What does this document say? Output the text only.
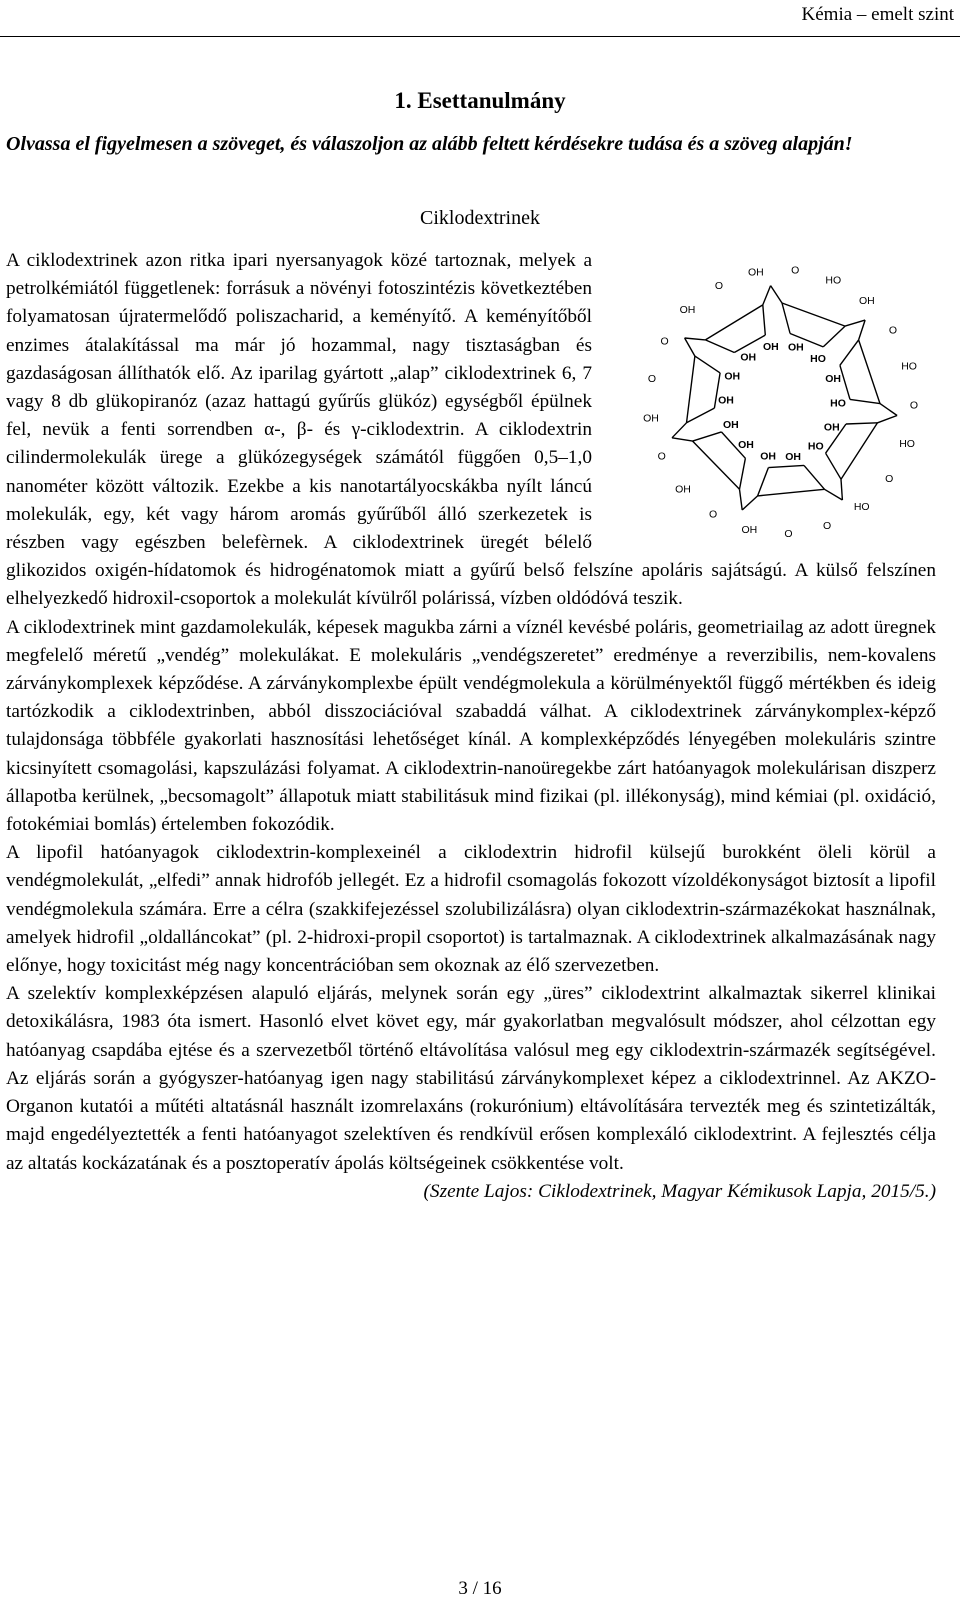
Kémia – emelt szint
1. Esettanulmány
Olvassa el figyelmesen a szöveget, és válaszoljon az alább feltett kérdésekre tudása és a szöveg alapján!
Ciklodextrinek
O
HO
OH
O
HO
O
HO
O
HO
O
O
OH
O
OH
O
OH
O
O
OH
O
OH
OH
HO
OH
HO
OH
HO
OH
OH
OH
OH
OH
OH
OH
OH

A ciklodextrinek azon ritka ipari nyersanyagok közé tartoznak, melyek a petrolkémiától függetlenek: forrásuk a növényi fotoszintézis következtében folyamatosan újratermelődő poliszacharid, a keményítő. A keményítőből enzimes átalakítással ma már jó hozammal, nagy tisztaságban és gazdaságosan állíthatók elő. Az iparilag gyártott „alap” ciklodextrinek 6, 7 vagy 8 db glükopiranóz (azaz hattagú gyűrűs glükóz) egységből épülnek fel, nevük a fenti sorrendben α-, β- és γ-ciklodextrin. A ciklodextrin cilindermolekulák ürege a glükózegységek számától függően 0,5–1,0 nanométer között változik. Ezekbe a kis nanotartályocskákba nyílt láncú molekulák, egy, két vagy három aromás gyűrűből álló szerkezetek is részben vagy egészben belefèrnek. A ciklodextrinek üregét bélelő glikozidos oxigén-hídatomok és hidrogénatomok miatt a gyűrű belső felszíne apoláris sajátságú. A külső felszínen elhelyezkedő hidroxil-csoportok a molekulát kívülről polárissá, vízben oldódóvá teszik.

A ciklodextrinek mint gazdamolekulák, képesek magukba zárni a víznél kevésbé poláris, geometriailag az adott üregnek megfelelő méretű „vendég” molekulákat. E molekuláris „vendégszeretet” eredménye a reverzibilis, nem-kovalens zárványkomplexek képződése. A zárványkomplexbe épült vendégmolekula a körülményektől függő mértékben és ideig tartózkodik a ciklodextrinben, abból disszociációval szabaddá válhat. A ciklodextrinek zárványkomplex-képző tulajdonsága többféle gyakorlati hasznosítási lehetőséget kínál. A komplexképződés lényegében molekuláris szintre kicsinyített csomagolási, kapszulázási folyamat. A ciklodextrin-nanoüregekbe zárt hatóanyagok molekulárisan diszperz állapotba kerülnek, „becsomagolt” állapotuk miatt stabilitásuk mind fizikai (pl. illékonyság), mind kémiai (pl. oxidáció, fotokémiai bomlás) értelemben fokozódik.

A lipofil hatóanyagok ciklodextrin-komplexeinél a ciklodextrin hidrofil külsejű burokként öleli körül a vendégmolekulát, „elfedi” annak hidrofób jellegét. Ez a hidrofil csomagolás fokozott vízoldékonyságot biztosít a lipofil vendégmolekula számára. Erre a célra (szakkifejezéssel szolubilizálásra) olyan ciklodextrin-származékokat használnak, amelyek hidrofil „oldalláncokat” (pl. 2-hidroxi-propil csoportot) is tartalmaznak. A ciklodextrinek alkalmazásának nagy előnye, hogy toxicitást még nagy koncentrációban sem okoznak az élő szervezetben.

A szelektív komplexképzésen alapuló eljárás, melynek során egy „üres” ciklodextrint alkalmaztak sikerrel klinikai detoxikálásra, 1983 óta ismert. Hasonló elvet követ egy, már gyakorlatban megvalósult módszer, ahol célzottan egy hatóanyag csapdába ejtése és a szervezetből történő eltávolítása valósul meg egy ciklodextrin-származék segítségével. Az eljárás során a gyógyszer-hatóanyag igen nagy stabilitású zárványkomplexet képez a ciklodextrinnel. Az AKZO-Organon kutatói a műtéti altatásnál használt izomrelaxáns (rokurónium) eltávolítására tervezték meg és szintetizálták, majd engedélyeztették a fenti hatóanyagot szelektíven és rendkívül erősen komplexáló ciklodextrint. A fejlesztés célja az altatás kockázatának és a posztoperatív ápolás költségeinek csökkentése volt.

(Szente Lajos: Ciklodextrinek, Magyar Kémikusok Lapja, 2015/5.)

3 / 16
